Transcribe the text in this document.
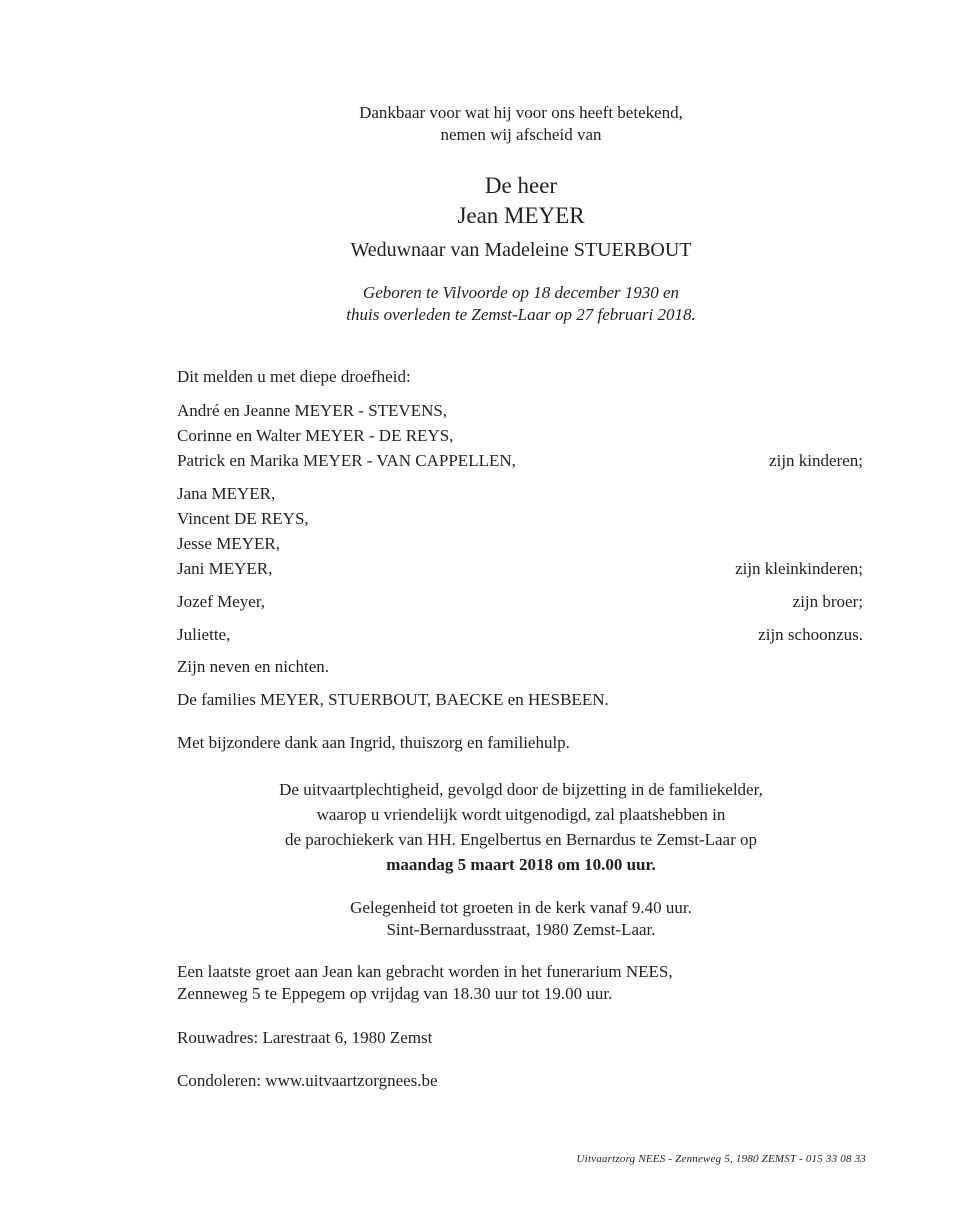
Dankbaar voor wat hij voor ons heeft betekend,
nemen wij afscheid van
De heer
Jean MEYER
Weduwnaar van Madeleine STUERBOUT
Geboren te Vilvoorde op 18 december 1930 en
thuis overleden te Zemst-Laar op 27 februari 2018.
Dit melden u met diepe droefheid:
André en Jeanne MEYER - STEVENS,
Corinne en Walter MEYER - DE REYS,
Patrick en Marika MEYER - VAN CAPPELLEN,	zijn kinderen;
Jana MEYER,
Vincent DE REYS,
Jesse MEYER,
Jani MEYER,	zijn kleinkinderen;
Jozef Meyer,	zijn broer;
Juliette,	zijn schoonzus.
Zijn neven en nichten.
De families MEYER, STUERBOUT, BAECKE en HESBEEN.
Met bijzondere dank aan Ingrid, thuiszorg en familiehulp.
De uitvaartplechtigheid, gevolgd door de bijzetting in de familiekelder,
waarop u vriendelijk wordt uitgenodigd, zal plaatshebben in
de parochiekerk van HH. Engelbertus en Bernardus te Zemst-Laar op
maandag 5 maart 2018 om 10.00 uur.
Gelegenheid tot groeten in de kerk vanaf 9.40 uur.
Sint-Bernardusstraat, 1980 Zemst-Laar.
Een laatste groet aan Jean kan gebracht worden in het funerarium NEES,
Zenneweg 5 te Eppegem op vrijdag van 18.30 uur tot 19.00 uur.
Rouwadres: Larestraat 6, 1980 Zemst
Condoleren: www.uitvaartzorgnees.be
Uitvaartzorg NEES - Zenneweg 5, 1980 ZEMST - 015 33 08 33
